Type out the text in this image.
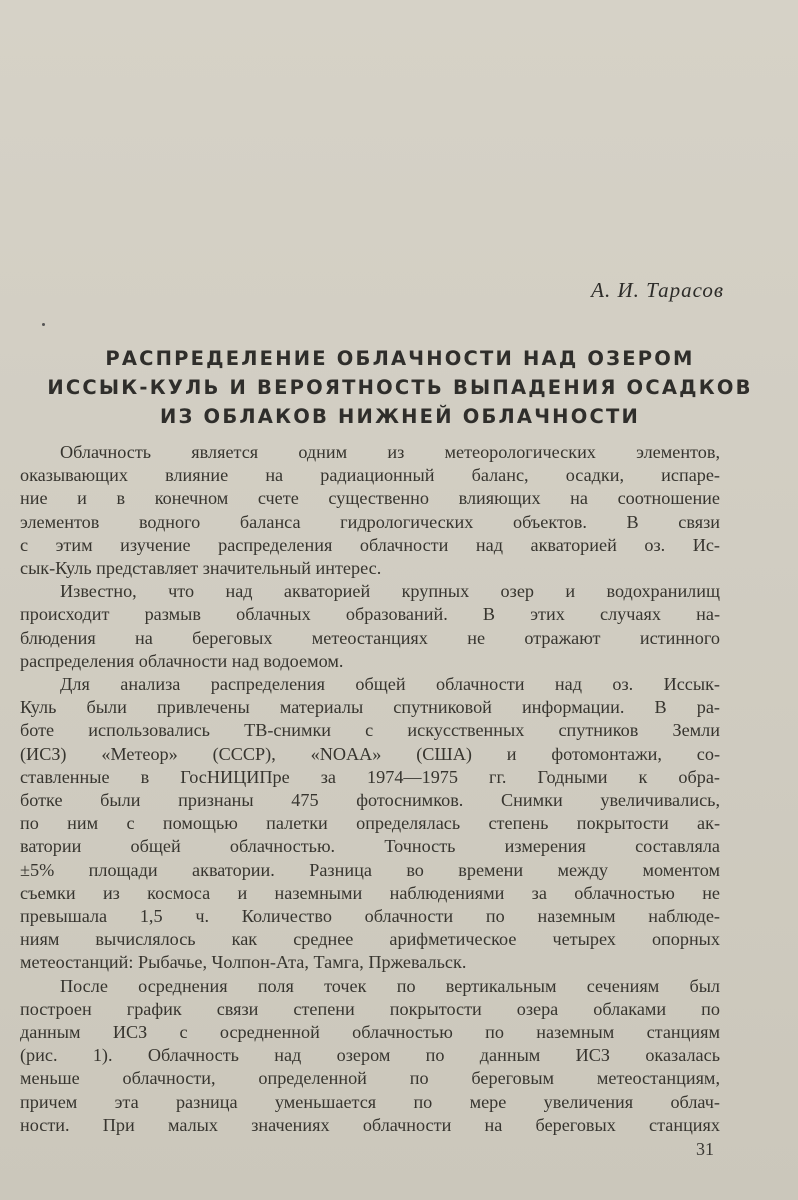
А. И. Тарасов
РАСПРЕДЕЛЕНИЕ ОБЛАЧНОСТИ НАД ОЗЕРОМ
ИССЫК-КУЛЬ И ВЕРОЯТНОСТЬ ВЫПАДЕНИЯ ОСАДКОВ
ИЗ ОБЛАКОВ НИЖНЕЙ ОБЛАЧНОСТИ
Облачность является одним из метеорологических элементов,
оказывающих влияние на радиационный баланс, осадки, испаре-
ние и в конечном счете существенно влияющих на соотношение
элементов водного баланса гидрологических объектов. В связи
с этим изучение распределения облачности над акваторией оз. Ис-
сык-Куль представляет значительный интерес.
Известно, что над акваторией крупных озер и водохранилищ
происходит размыв облачных образований. В этих случаях на-
блюдения на береговых метеостанциях не отражают истинного
распределения облачности над водоемом.
Для анализа распределения общей облачности над оз. Иссык-
Куль были привлечены материалы спутниковой информации. В ра-
боте использовались ТВ-снимки с искусственных спутников Земли
(ИСЗ) «Метеор» (СССР), «NOAA» (США) и фотомонтажи, со-
ставленные в ГосНИЦИПре за 1974—1975 гг. Годными к обра-
ботке были признаны 475 фотоснимков. Снимки увеличивались,
по ним с помощью палетки определялась степень покрытости ак-
ватории общей облачностью. Точность измерения составляла
±5% площади акватории. Разница во времени между моментом
съемки из космоса и наземными наблюдениями за облачностью не
превышала 1,5 ч. Количество облачности по наземным наблюде-
ниям вычислялось как среднее арифметическое четырех опорных
метеостанций: Рыбачье, Чолпон-Ата, Тамга, Пржевальск.
После осреднения поля точек по вертикальным сечениям был
построен график связи степени покрытости озера облаками по
данным ИСЗ с осредненной облачностью по наземным станциям
(рис. 1). Облачность над озером по данным ИСЗ оказалась
меньше облачности, определенной по береговым метеостанциям,
причем эта разница уменьшается по мере увеличения облач-
ности. При малых значениях облачности на береговых станциях
31
